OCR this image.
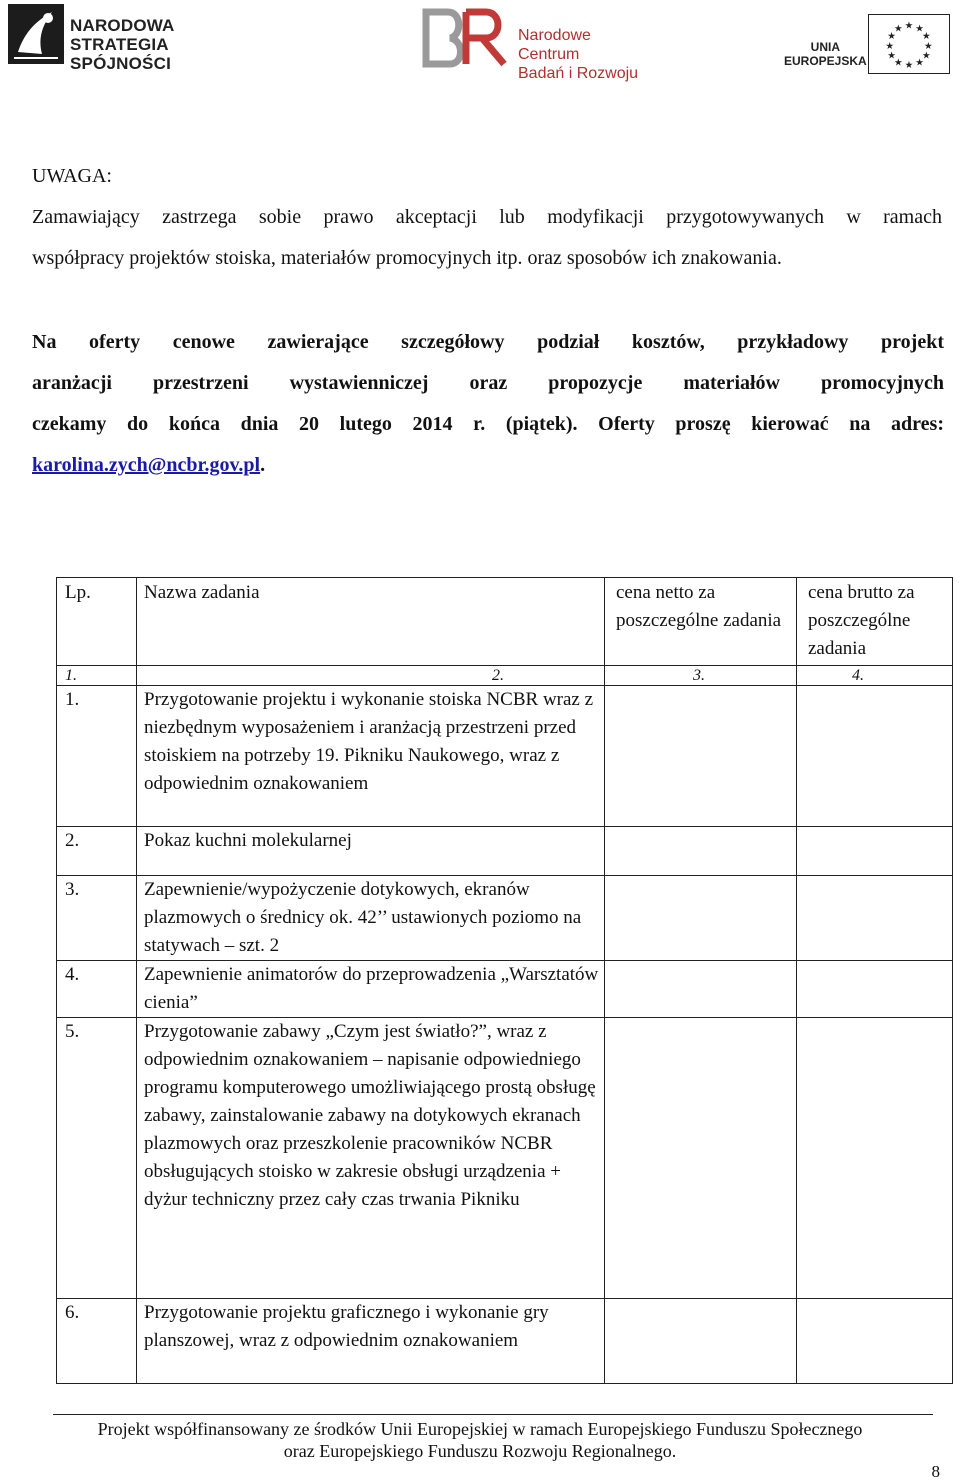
NARODOWA
STRATEGIA SPÓJNOŚCI
Narodowe Centrum
Badań i Rozwoju
UNIA
EUROPEJSKA
★ ★
★
★
★
★
★
★
★
★
★
★
UWAGA:
Zamawiający zastrzega sobie prawo akceptacji lub modyfikacji przygotowywanych w ramach
współpracy projektów stoiska, materiałów promocyjnych itp. oraz sposobów ich znakowania.
Na oferty cenowe zawierające szczegółowy podział kosztów, przykładowy projekt
aranżacji przestrzeni wystawienniczej oraz propozycje materiałów promocyjnych
czekamy do końca dnia 20 lutego 2014 r. (piątek). Oferty proszę kierować na adres:
karolina.zych@ncbr.gov.pl.
Lp.	Nazwa zadania	cena netto za poszczególne zadania	cena brutto za poszczególne zadania
1.	2.	3.	4.
1.	Przygotowanie projektu i wykonanie stoiska NCBR wraz z niezbędnym wyposażeniem i aranżacją przestrzeni przed stoiskiem na potrzeby 19. Pikniku Naukowego, wraz z odpowiednim oznakowaniem		
2.	Pokaz kuchni molekularnej		
3.	Zapewnienie/wypożyczenie dotykowych, ekranów plazmowych o średnicy ok. 42’’ ustawionych poziomo na statywach – szt. 2		
4.	Zapewnienie animatorów do przeprowadzenia „Warsztatów cienia”		
5.	Przygotowanie zabawy „Czym jest światło?”, wraz z odpowiednim oznakowaniem – napisanie odpowiedniego programu komputerowego umożliwiającego prostą obsługę zabawy, zainstalowanie zabawy na dotykowych ekranach plazmowych oraz przeszkolenie pracowników NCBR obsługujących stoisko w zakresie obsługi urządzenia + dyżur techniczny przez cały czas trwania Pikniku		
6.	Przygotowanie projektu graficznego i wykonanie gry planszowej, wraz z odpowiednim oznakowaniem		
Projekt współfinansowany ze środków Unii Europejskiej w ramach Europejskiego Funduszu Społecznego
oraz Europejskiego Funduszu Rozwoju Regionalnego.
8
